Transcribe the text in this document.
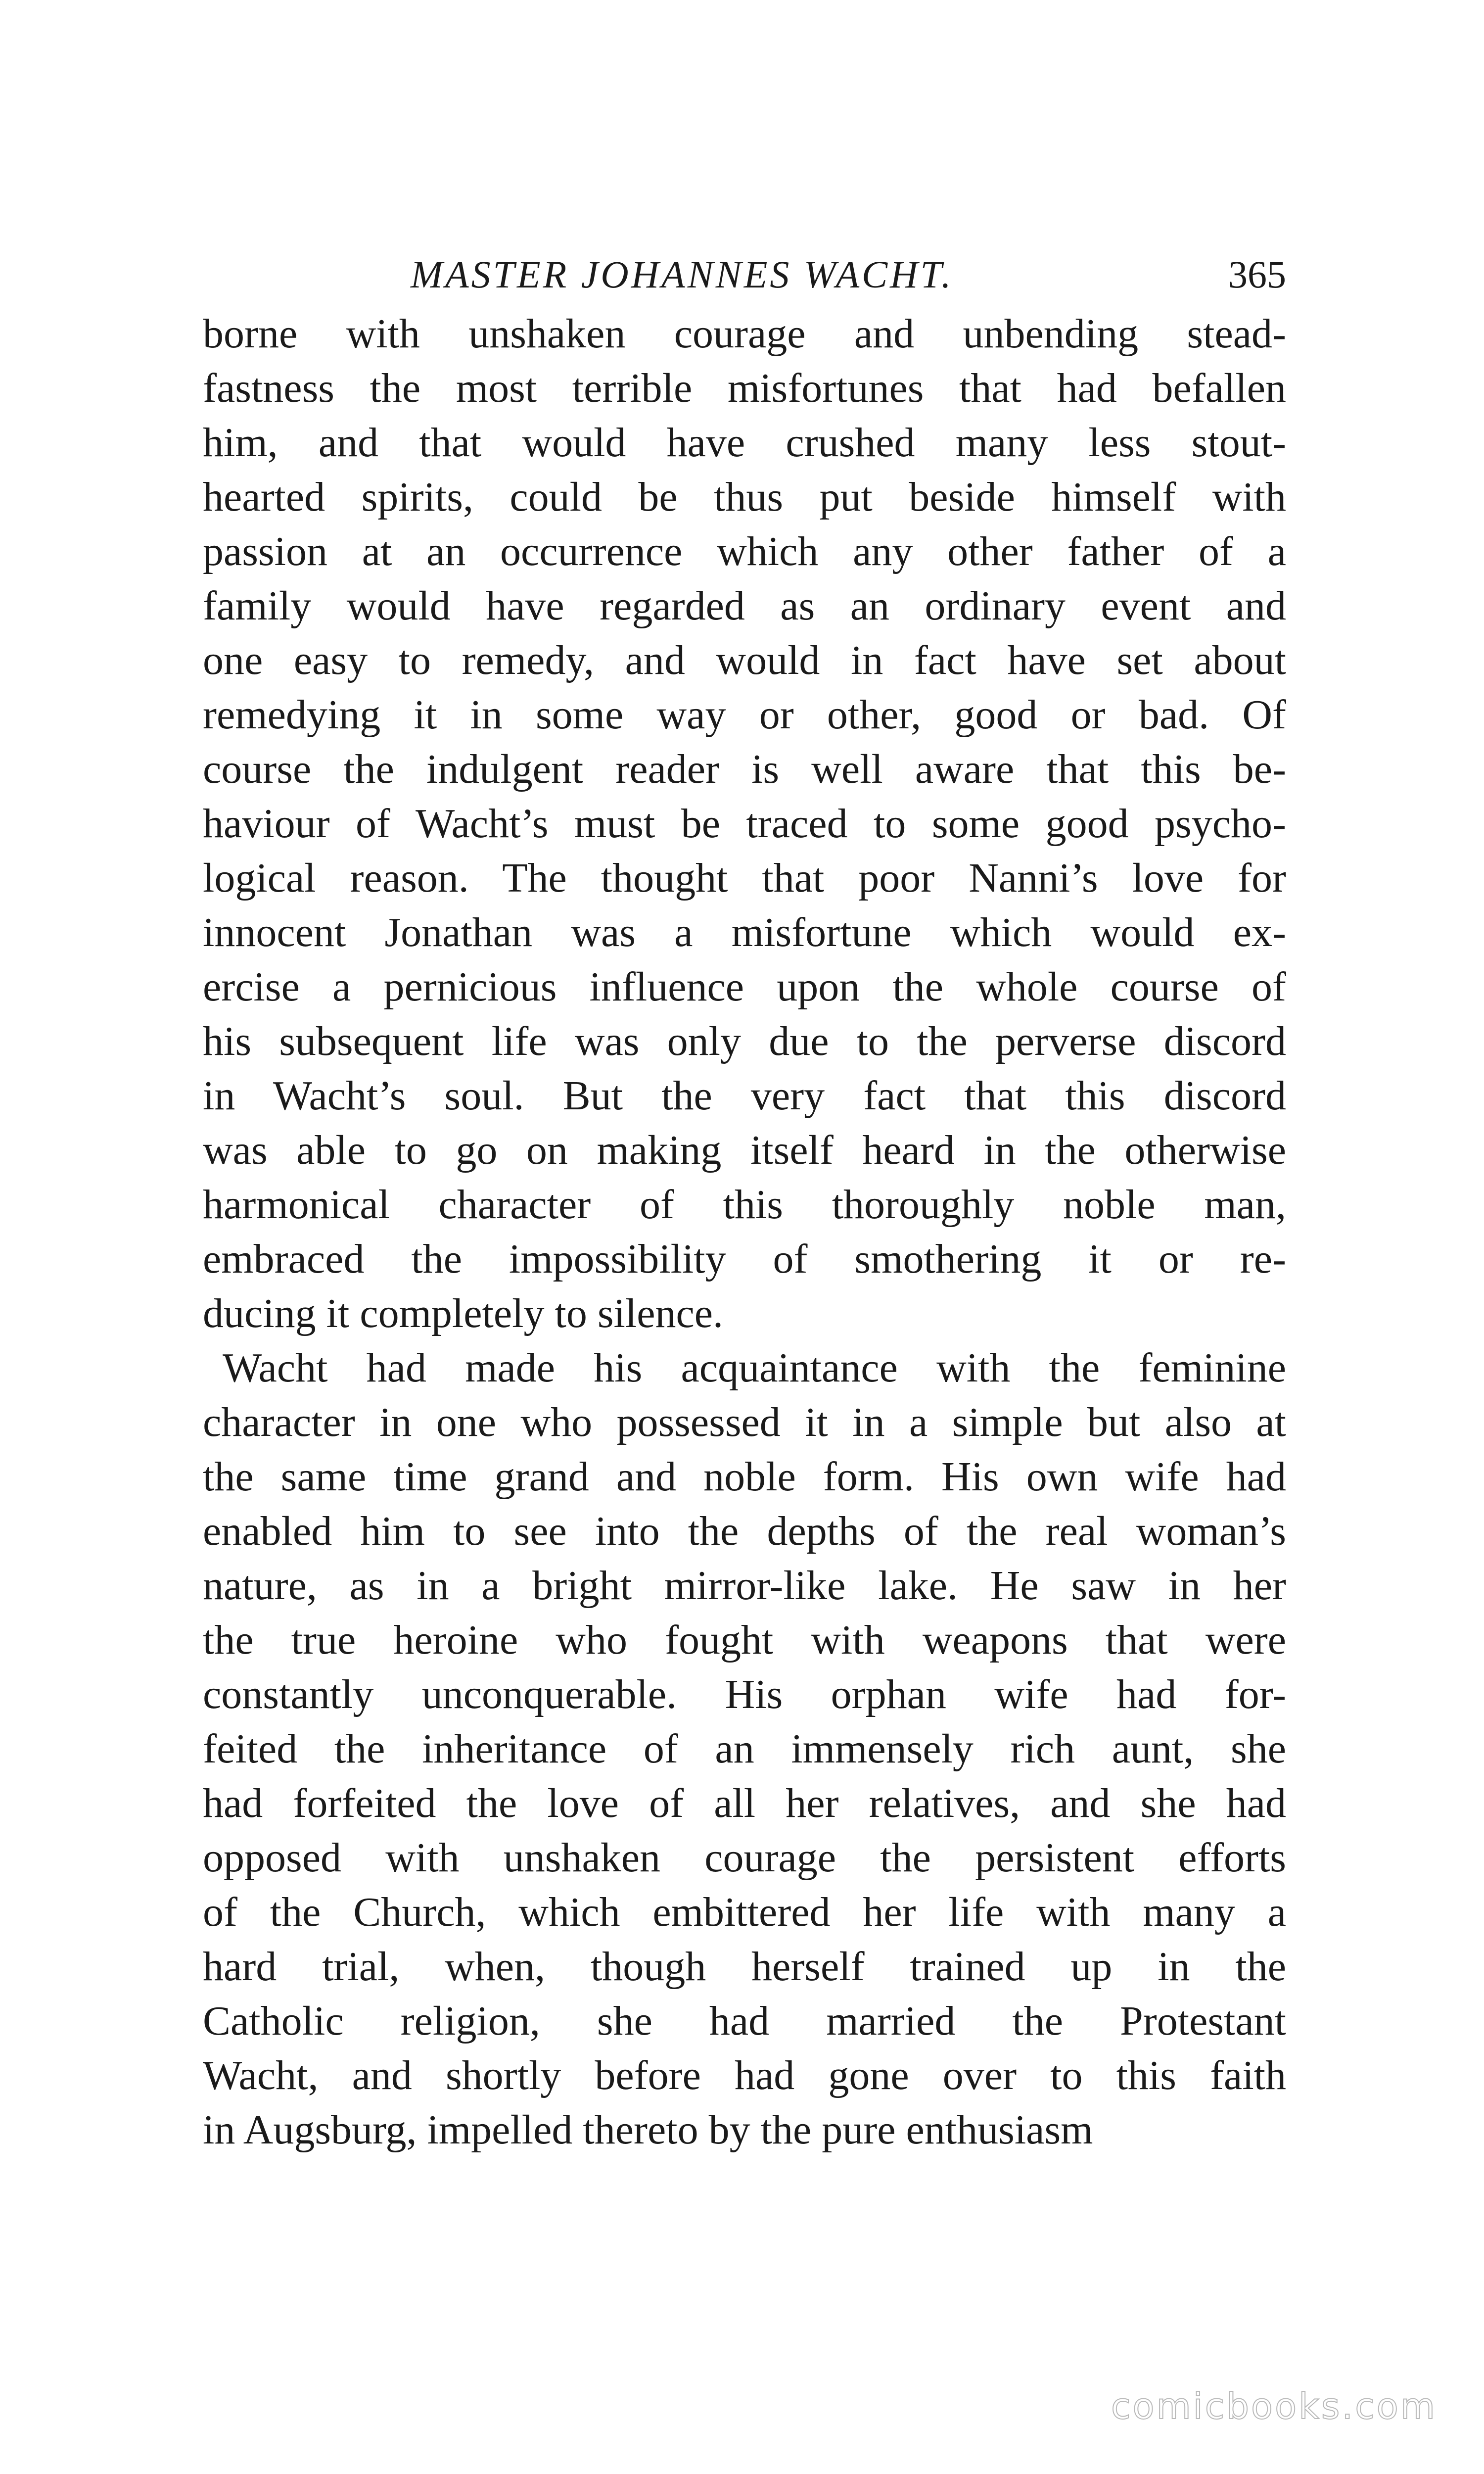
MASTER JOHANNES WACHT.	365
borne with unshaken courage and unbending stead-
fastness the most terrible misfortunes that had befallen
him, and that would have crushed many less stout-
hearted spirits, could be thus put beside himself with
passion at an occurrence which any other father of a
family would have regarded as an ordinary event and
one easy to remedy, and would in fact have set about
remedying it in some way or other, good or bad. Of
course the indulgent reader is well aware that this be-
haviour of Wacht’s must be traced to some good psycho-
logical reason. The thought that poor Nanni’s love for
innocent Jonathan was a misfortune which would ex-
ercise a pernicious influence upon the whole course of
his subsequent life was only due to the perverse discord
in Wacht’s soul. But the very fact that this discord
was able to go on making itself heard in the otherwise
harmonical character of this thoroughly noble man,
embraced the impossibility of smothering it or re-
ducing it completely to silence.
Wacht had made his acquaintance with the feminine
character in one who possessed it in a simple but also at
the same time grand and noble form. His own wife had
enabled him to see into the depths of the real woman’s
nature, as in a bright mirror-like lake. He saw in her
the true heroine who fought with weapons that were
constantly unconquerable. His orphan wife had for-
feited the inheritance of an immensely rich aunt, she
had forfeited the love of all her relatives, and she had
opposed with unshaken courage the persistent efforts
of the Church, which embittered her life with many a
hard trial, when, though herself trained up in the
Catholic religion, she had married the Protestant
Wacht, and shortly before had gone over to this faith
in Augsburg, impelled thereto by the pure enthusiasm
comicbooks.com
